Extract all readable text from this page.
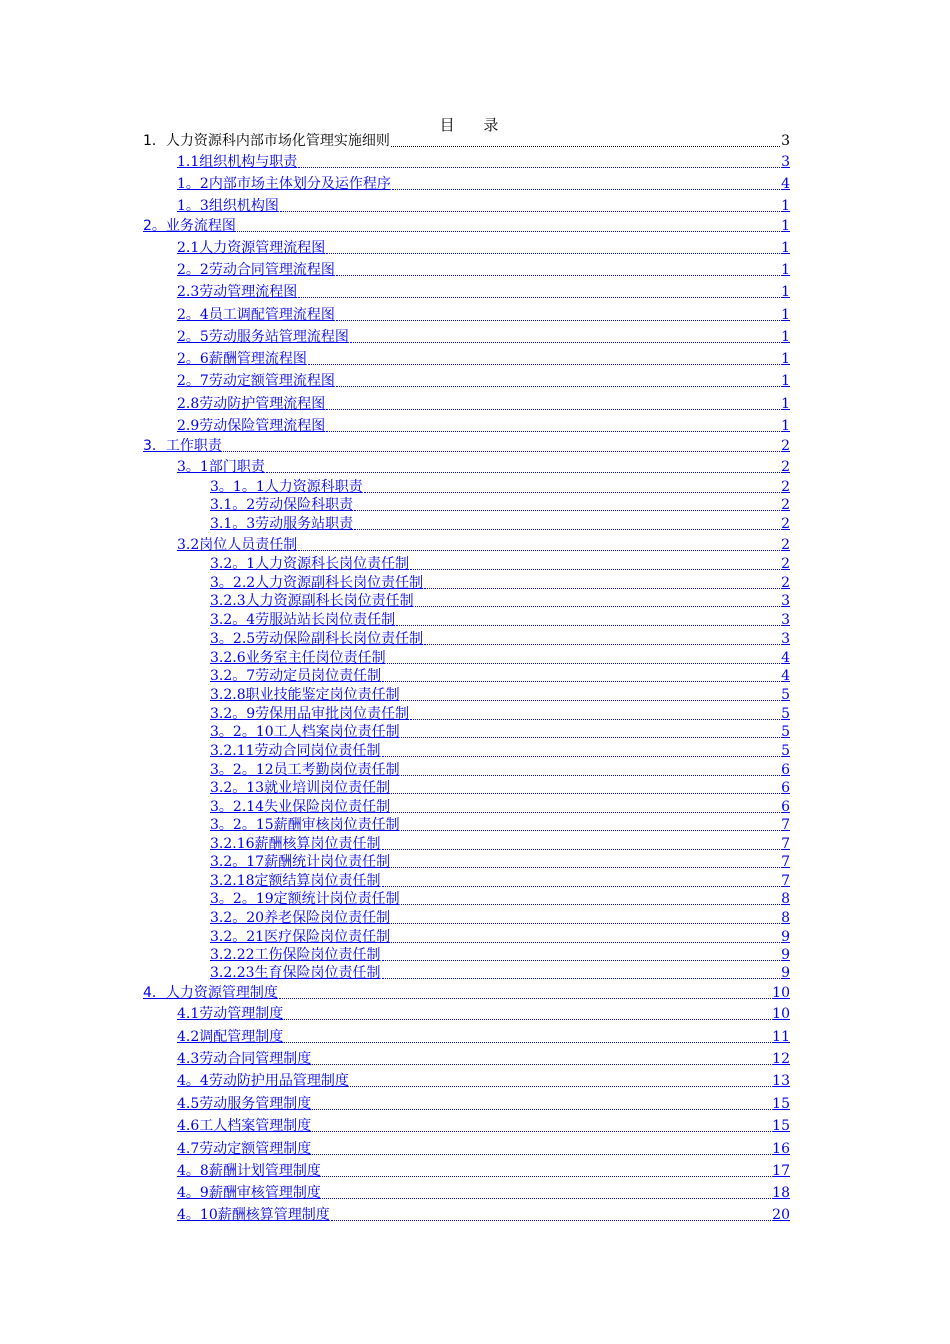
目 录
1．人力资源科内部市场化管理实施细则	3
1.1组织机构与职责	3
1。2内部市场主体划分及运作程序	4
1。3组织机构图	1
2。业务流程图	1
2.1人力资源管理流程图	1
2。2劳动合同管理流程图	1
2.3劳动管理流程图	1
2。4员工调配管理流程图	1
2。5劳动服务站管理流程图	1
2。6薪酬管理流程图	1
2。7劳动定额管理流程图	1
2.8劳动防护管理流程图	1
2.9劳动保险管理流程图	1
3．工作职责	2
3。1部门职责	2
3。1。1人力资源科职责	2
3.1。2劳动保险科职责	2
3.1。3劳动服务站职责	2
3.2岗位人员责任制	2
3.2。1人力资源科长岗位责任制	2
3。2.2人力资源副科长岗位责任制	2
3.2.3人力资源副科长岗位责任制	3
3.2。4劳服站站长岗位责任制	3
3。2.5劳动保险副科长岗位责任制	3
3.2.6业务室主任岗位责任制	4
3.2。7劳动定员岗位责任制	4
3.2.8职业技能鉴定岗位责任制	5
3.2。9劳保用品审批岗位责任制	5
3。2。10工人档案岗位责任制	5
3.2.11劳动合同岗位责任制	5
3。2。12员工考勤岗位责任制	6
3.2。13就业培训岗位责任制	6
3。2.14失业保险岗位责任制	6
3。2。15薪酬审核岗位责任制	7
3.2.16薪酬核算岗位责任制	7
3.2。17薪酬统计岗位责任制	7
3.2.18定额结算岗位责任制	7
3。2。19定额统计岗位责任制	8
3.2。20养老保险岗位责任制	8
3.2。21医疗保险岗位责任制	9
3.2.22工伤保险岗位责任制	9
3.2.23生育保险岗位责任制	9
4．人力资源管理制度	10
4.1劳动管理制度	10
4.2调配管理制度	11
4.3劳动合同管理制度	12
4。4劳动防护用品管理制度	13
4.5劳动服务管理制度	15
4.6工人档案管理制度	15
4.7劳动定额管理制度	16
4。8薪酬计划管理制度	17
4。9薪酬审核管理制度	18
4。10薪酬核算管理制度	20
